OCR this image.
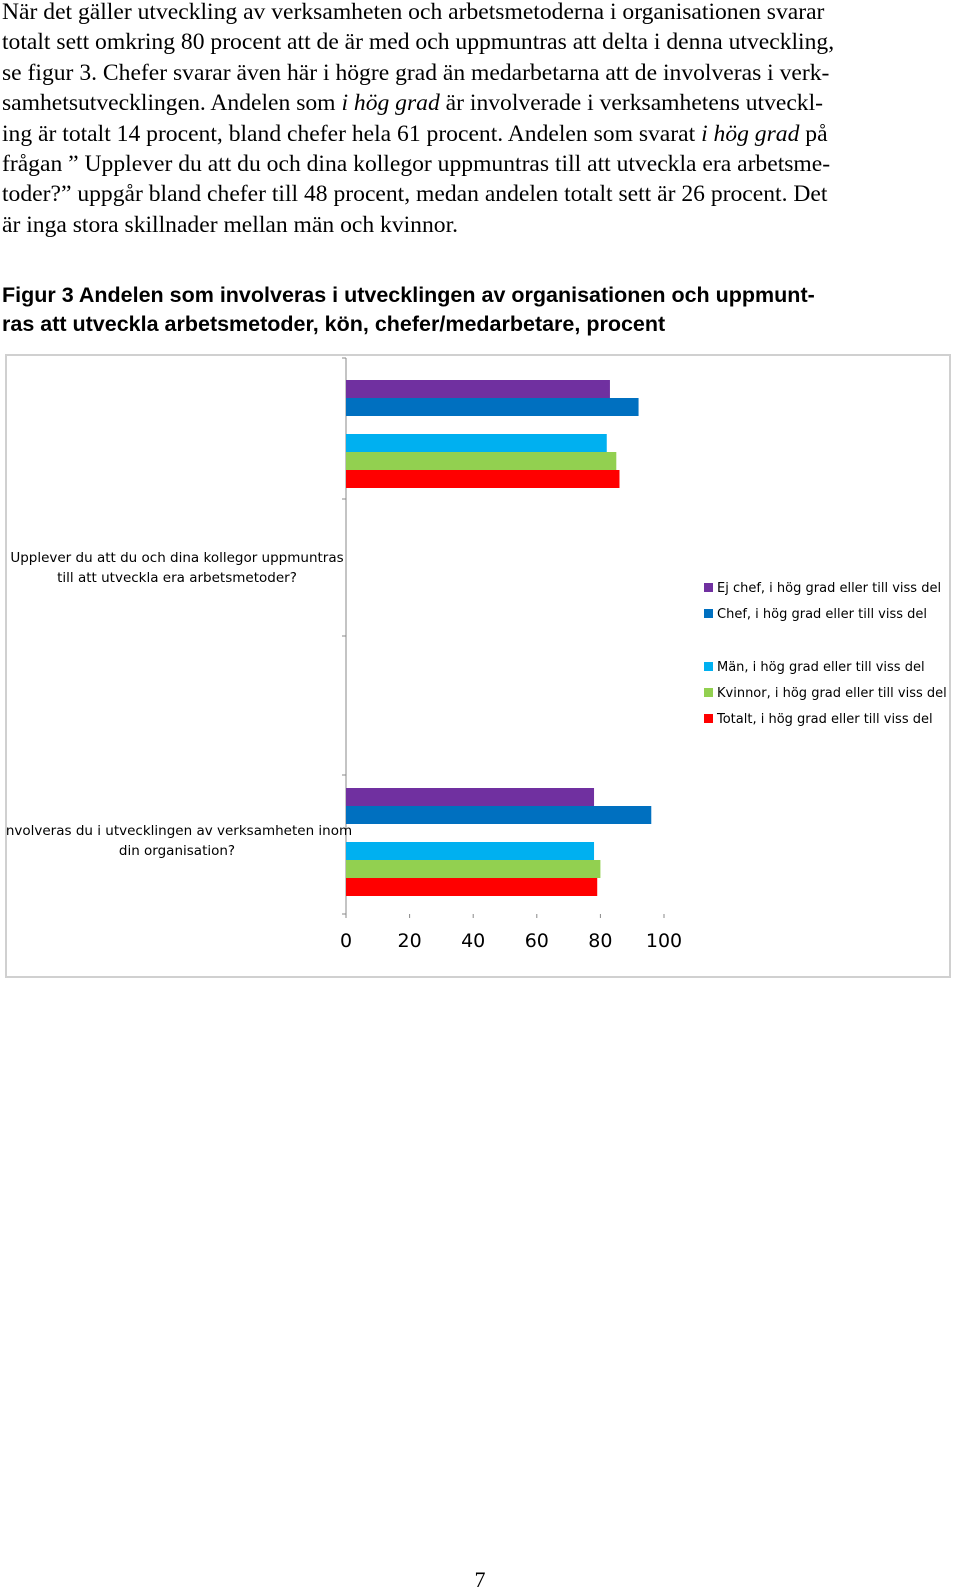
När det gäller utveckling av verksamheten och arbetsmetoderna i organisationen svarar
totalt sett omkring 80 procent att de är med och uppmuntras att delta i denna utveckling,
se figur 3. Chefer svarar även här i högre grad än medarbetarna att de involveras i verk-
samhetsutvecklingen. Andelen som i hög grad är involverade i verksamhetens utveckl-
ing är totalt 14 procent, bland chefer hela 61 procent. Andelen som svarat i hög grad på
frågan ” Upplever du att du och dina kollegor uppmuntras till att utveckla era arbetsme-
toder?” uppgår bland chefer till 48 procent, medan andelen totalt sett är 26 procent. Det
är inga stora skillnader mellan män och kvinnor.

Figur 3 Andelen som involveras i utvecklingen av organisationen och uppmunt-
ras att utveckla arbetsmetoder, kön, chefer/medarbetare, procent
0 20 40 60 80 100
Upplever du att du och dina kollegor uppmuntras
till att utveckla era arbetsmetoder?
Involveras du i utvecklingen av verksamheten inom
din organisation?
Ej chef, i hög grad eller till viss del
Chef, i hög grad eller till viss del
Män, i hög grad eller till viss del
Kvinnor, i hög grad eller till viss del
Totalt, i hög grad eller till viss del
7
